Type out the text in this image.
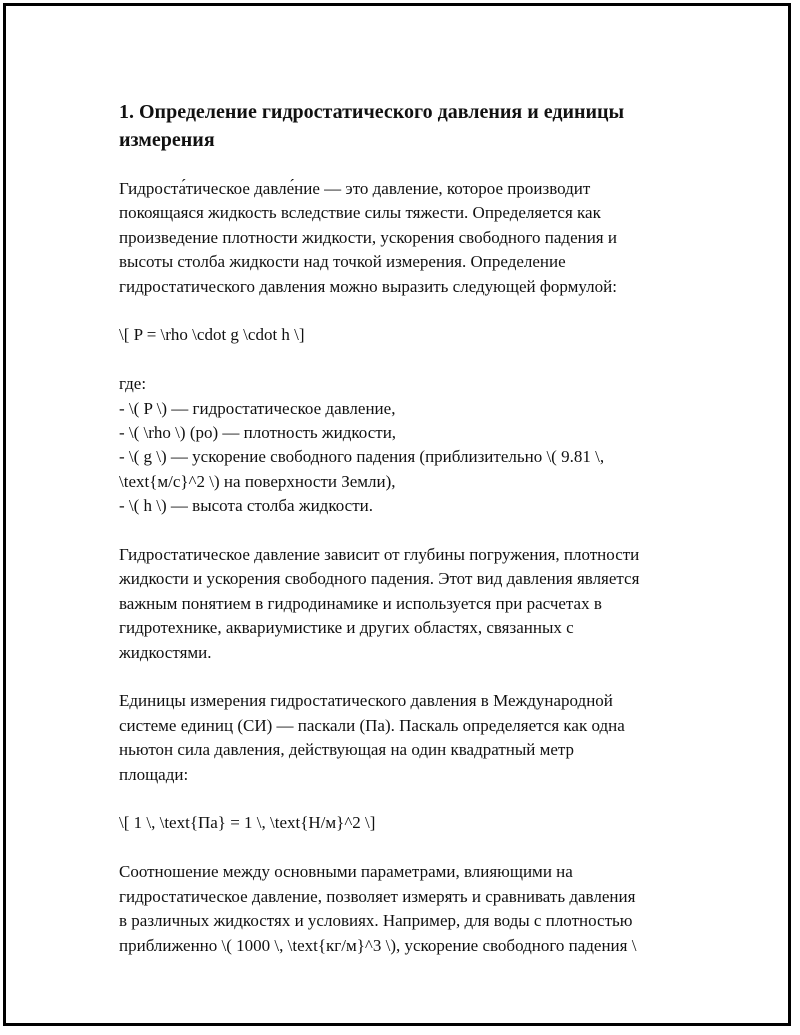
1. Определение гидростатического давления и единицы измерения

Гидроста́тическое давле́ние — это давление, которое производит
покоящаяся жидкость вследствие силы тяжести. Определяется как
произведение плотности жидкости, ускорения свободного падения и
высоты столба жидкости над точкой измерения. Определение
гидростатического давления можно выразить следующей формулой:

\[ P = \rho \cdot g \cdot h \]

где:
- \( P \) — гидростатическое давление,
- \( \rho \) (ро) — плотность жидкости,
- \( g \) — ускорение свободного падения (приблизительно \( 9.81 \,
\text{м/с}^2 \) на поверхности Земли),
- \( h \) — высота столба жидкости.

Гидростатическое давление зависит от глубины погружения, плотности
жидкости и ускорения свободного падения. Этот вид давления является
важным понятием в гидродинамике и используется при расчетах в
гидротехнике, аквариумистике и других областях, связанных с
жидкостями.

Единицы измерения гидростатического давления в Международной
системе единиц (СИ) — паскали (Па). Паскаль определяется как одна
ньютон сила давления, действующая на один квадратный метр
площади:

\[ 1 \, \text{Па} = 1 \, \text{Н/м}^2 \]

Соотношение между основными параметрами, влияющими на
гидростатическое давление, позволяет измерять и сравнивать давления
в различных жидкостях и условиях. Например, для воды с плотностью
приближенно \( 1000 \, \text{кг/м}^3 \), ускорение свободного падения \
